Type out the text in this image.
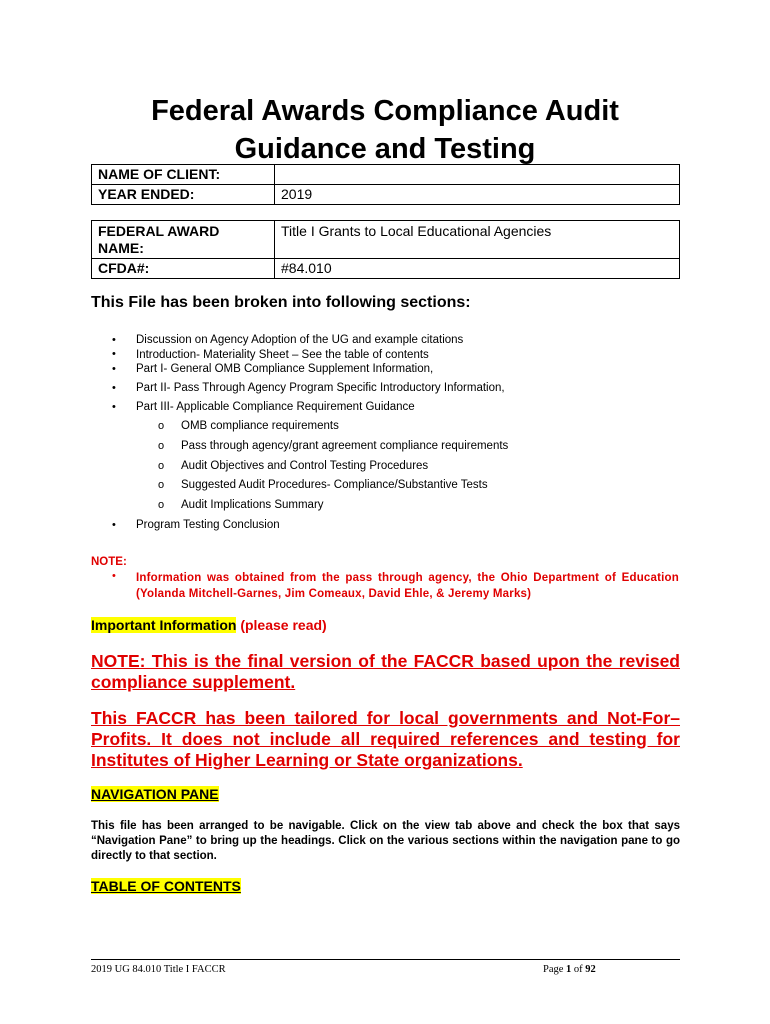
Federal Awards Compliance Audit
Guidance and Testing
NAME OF CLIENT:	
YEAR ENDED:	2019
FEDERAL AWARD NAME:	Title I Grants to Local Educational Agencies
CFDA#:	#84.010
This File has been broken into following sections:
• Discussion on Agency Adoption of the UG and example citations
• Introduction- Materiality Sheet – See the table of contents
• Part I- General OMB Compliance Supplement Information,
• Part II- Pass Through Agency Program Specific Introductory Information,
• Part III- Applicable Compliance Requirement Guidance
o OMB compliance requirements
o Pass through agency/grant agreement compliance requirements
o Audit Objectives and Control Testing Procedures
o Suggested Audit Procedures- Compliance/Substantive Tests
o Audit Implications Summary
• Program Testing Conclusion
NOTE:
• Information was obtained from the pass through agency, the Ohio Department of Education (Yolanda Mitchell-Garnes, Jim Comeaux, David Ehle, & Jeremy Marks)
Important Information (please read)
NOTE: This is the final version of the FACCR based upon the revised compliance supplement.
This FACCR has been tailored for local governments and Not-For–Profits. It does not include all required references and testing for Institutes of Higher Learning or State organizations.
NAVIGATION PANE
This file has been arranged to be navigable. Click on the view tab above and check the box that says “Navigation Pane” to bring up the headings. Click on the various sections within the navigation pane to go directly to that section.
TABLE OF CONTENTS
2019 UG 84.010 Title I FACCR	Page 1 of 92
